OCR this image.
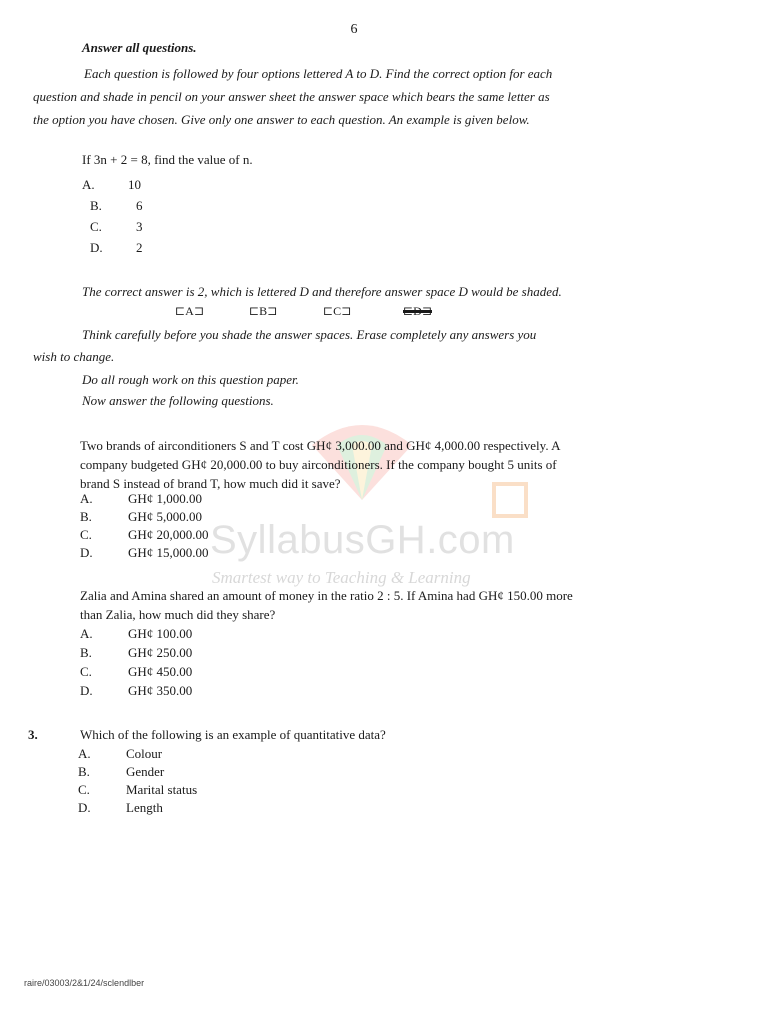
6
SyllabusGH.com
Smartest way to Teaching & Learning
Answer all questions.
Each question is followed by four options lettered A to D. Find the correct option for each
question and shade in pencil on your answer sheet the answer space which bears the same letter as
the option you have chosen. Give only one answer to each question. An example is given below.
If 3n + 2 = 8, find the value of n.
A.	10
B.	6
C.	3
D.	2
The correct answer is 2, which is lettered D and therefore answer space D would be shaded.
⊏A⊐	⊏B⊐	⊏C⊐	⊏D⊐
Think carefully before you shade the answer spaces. Erase completely any answers you
wish to change.
Do all rough work on this question paper.
Now answer the following questions.
Two brands of airconditioners S and T cost GH¢ 3,000.00 and GH¢ 4,000.00 respectively. A
company budgeted GH¢ 20,000.00 to buy airconditioners. If the company bought 5 units of
brand S instead of brand T, how much did it save?
A.	GH¢ 1,000.00
B.	GH¢ 5,000.00
C.	GH¢ 20,000.00
D.	GH¢ 15,000.00
Zalia and Amina shared an amount of money in the ratio 2 : 5. If Amina had GH¢ 150.00 more
than Zalia, how much did they share?
A.	GH¢ 100.00
B.	GH¢ 250.00
C.	GH¢ 450.00
D.	GH¢ 350.00
3.	Which of the following is an example of quantitative data?
A.	Colour
B.	Gender
C.	Marital status
D.	Length
raire/03003/2&1/24/sclendlber
